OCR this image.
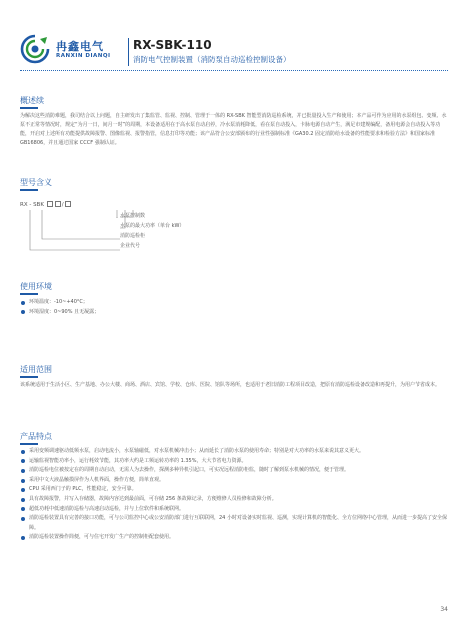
冉鑫电气
RANXIN DIANQI
RX-SBK-110
消防电气控制装置（消防泵自动巡检控制设备）
概述续
为解决这些消防难题，我司结合以上问题，自主研发出了集监管、监视、控制、管理于一体的 RX-SBK 智能型消防巡检系统，并已批量投入生产和使用；本产品可作为应用的水泵组包、变频、水泵不正常等情况时，规定“为月一日，间月一时”的周期，本设备适用在于高水泵自动启停，冷水泵消耗降低，看在泵自动投入，卡脉电源自动产生，满足市建规编配，备用电源会自动投入等功能，开启对上述所有功能提供故障报警、图像监视、报警指管，信息打印等功能；该产品符合公安部颁布的行业性强制标准《GA30.2 固定消防给水设备的性能要求和检验方法》和国家标准 GB16806，并且通过国家 CCCF 强制认证。
型号含义
RX - SBK	/
水泵控制数
水泵的最大功率（单台 kW）
消防巡检柜
企业代号
使用环境
环境温度：-10~+40°C；
环境湿度：0~90% 且无凝露；
适用范围
该系统适用于生活小区、生产基地、办公大楼、商场、酒店、宾馆、学校、仓库、医院、馆队等场所，也适用于老旧消防工程项目改造，把原有消防巡检设备改造和再提升，为用户节省成本。
产品特点
采用变频调速驱动低频水泵，启动电流小，水泵轴磁低，对水泵机械冲击小；从而延长了消防水泵的使用寿命；特别是对大功率的水泵来说其意义更大。
运输监视智能功率小，运行耗效节能，其功率大约是工频运转功率的 1.35%，大大节省电力资源。
消防巡检电位被按定在的周期自动启动，无需人为去操作，探测多种异机引起口，可实况远程消防柜监，随时了解到泵水机械的情况，便于管理。
采用中文大液晶触摸屏作为人机界面，操作方便，简单直观。
CPU 采用西门子的 PLC，性能稳定，安全可靠。
具有故障报警，并写入存储器，故障内容达到最前面，可存储 256 条故障记录，方便维修人员检修和故障分析。
超低功耗中低速消防巡检与高速启动巡检，并与上位软件和系统联网。
消防巡检装置具有完善的接口功能，可与公司监控中心或公安消防部门进行互联联网，24 小时对设备实时监视、巡测，实现计算机的智能化、全方位网络中心管理，从而进一步提高了安全保障。
消防巡检装置操作简便，可与住宅开发广生产的控制柜配套使用。
34
